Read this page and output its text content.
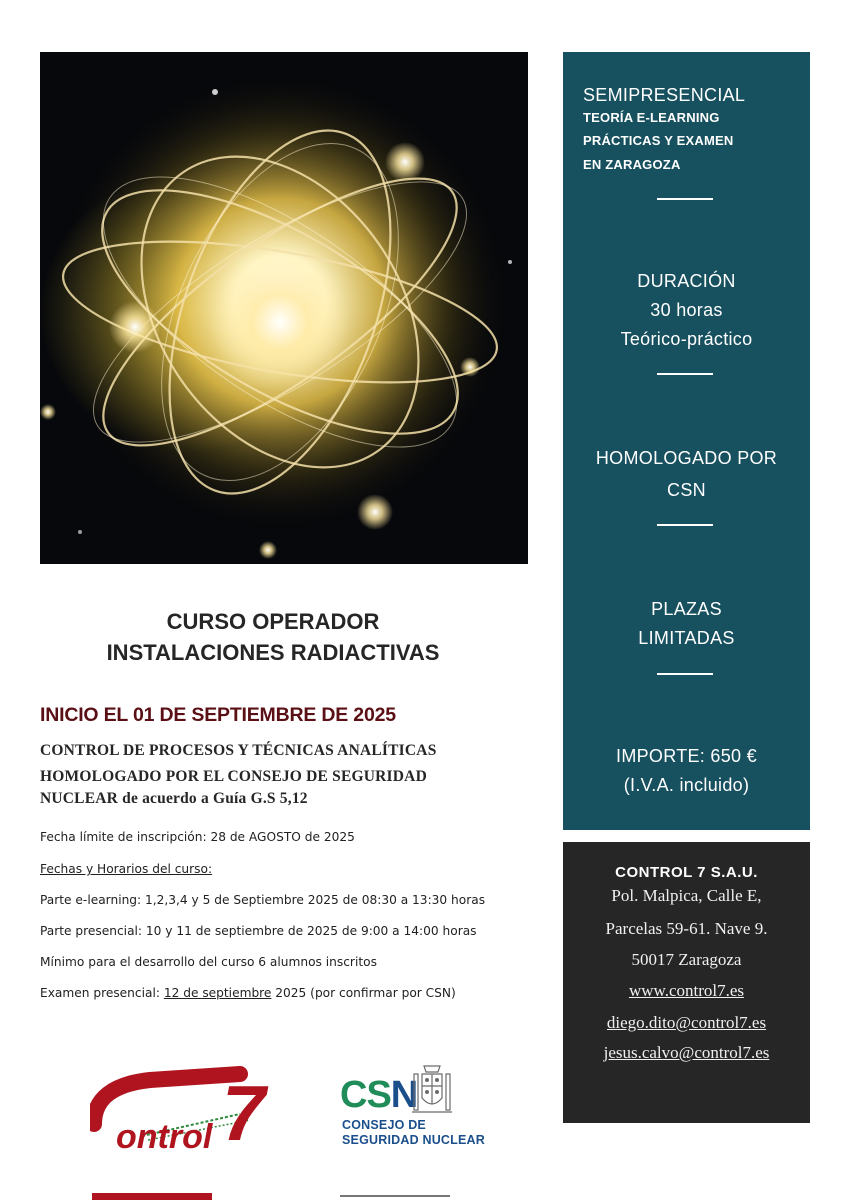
SEMIPRESENCIAL
TEORÍA E-LEARNING
PRÁCTICAS Y EXAMEN
EN ZARAGOZA
DURACIÓN
30 horas
Teórico-práctico
HOMOLOGADO POR
CSN
PLAZAS
LIMITADAS
IMPORTE: 650 €
(I.V.A. incluido)
CONTROL 7 S.A.U.
Pol. Malpica, Calle E,
Parcelas 59-61. Nave 9.
50017 Zaragoza
www.control7.es
diego.dito@control7.es
jesus.calvo@control7.es
CURSO OPERADOR
INSTALACIONES RADIACTIVAS
INICIO EL 01 DE SEPTIEMBRE DE 2025
CONTROL DE PROCESOS Y TÉCNICAS ANALÍTICAS
HOMOLOGADO POR EL CONSEJO DE SEGURIDAD
NUCLEAR de acuerdo a Guía G.S 5,12
Fecha límite de inscripción: 28 de AGOSTO de 2025
Fechas y Horarios del curso:
Parte e-learning: 1,2,3,4 y 5 de Septiembre 2025 de 08:30 a 13:30 horas
Parte presencial: 10 y 11 de septiembre de 2025 de 9:00 a 14:00 horas
Mínimo para el desarrollo del curso 6 alumnos inscritos
Examen presencial: 12 de septiembre 2025 (por confirmar por CSN)
ontrol 7 CSN
CONSEJO DE
SEGURIDAD NUCLEAR
